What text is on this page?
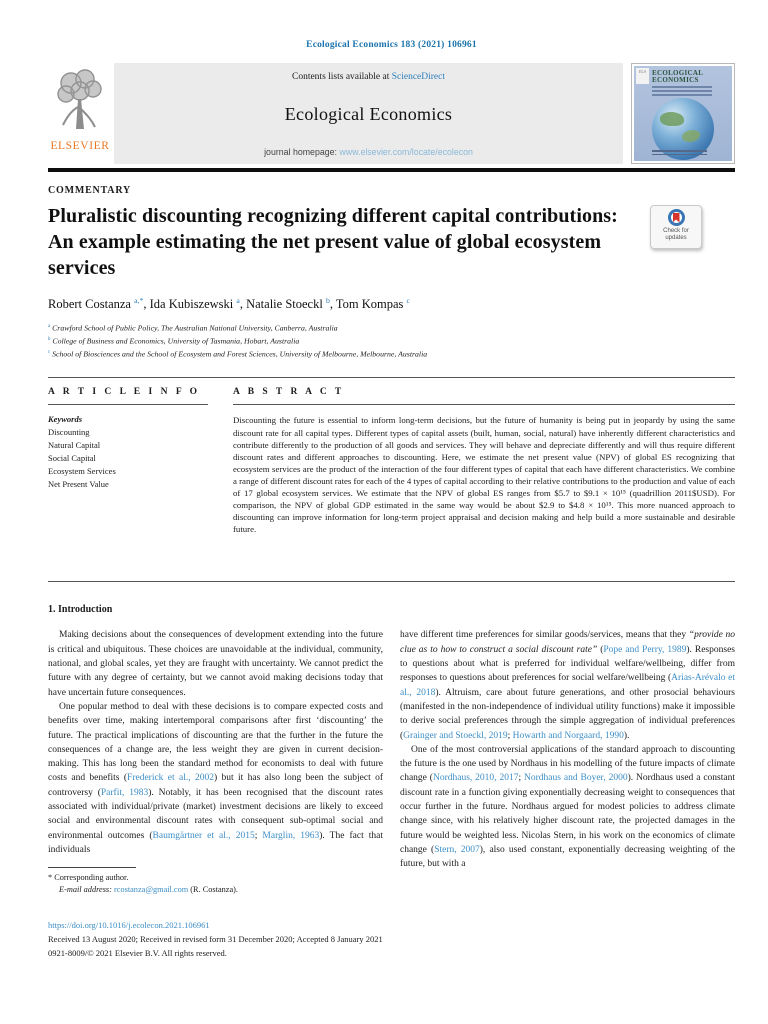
Ecological Economics 183 (2021) 106961
ELSEVIER
Contents lists available at ScienceDirect
Ecological Economics
journal homepage: www.elsevier.com/locate/ecolecon
ELS ECOLOGICAL ECONOMICS
COMMENTARY
Pluralistic discounting recognizing different capital contributions: An example estimating the net present value of global ecosystem services
Check for
updates
Robert Costanza $^{a,*}$, Ida Kubiszewski $^a$, Natalie Stoeckl $^b$, Tom Kompas $^c$
$^a$ Crawford School of Public Policy, The Australian National University, Canberra, Australia
$^b$ College of Business and Economics, University of Tasmania, Hobart, Australia
$^c$ School of Biosciences and the School of Ecosystem and Forest Sciences, University of Melbourne, Melbourne, Australia
A R T I C L E I N F O
Keywords
Discounting
Natural Capital
Social Capital
Ecosystem Services
Net Present Value
A B S T R A C T
Discounting the future is essential to inform long-term decisions, but the future of humanity is being put in jeopardy by using the same discount rate for all capital types. Different types of capital assets (built, human, social, natural) have inherently different characteristics and contribute differently to the production of all goods and services. They will behave and depreciate differently and will thus require different discount rates and different approaches to discounting. Here, we estimate the net present value (NPV) of global ES recognizing that ecosystem services are the product of the interaction of the four different types of capital that each have different characteristics. We combine a range of different discount rates for each of the 4 types of capital according to their relative contributions to the production and value of each of 17 global ecosystem services. We estimate that the NPV of global ES ranges from $5.7 to $9.1 × 10¹⁵ (quadrillion 2011$USD). For comparison, the NPV of global GDP estimated in the same way would be about $2.9 to $4.8 × 10¹⁵. This more nuanced approach to discounting can improve information for long-term project appraisal and decision making and help build a more sustainable and desirable future.
1. Introduction

Making decisions about the consequences of development extending into the future is critical and ubiquitous. These choices are unavoidable at the individual, community, national, and global scales, yet they are fraught with uncertainty. We cannot predict the future with any degree of certainty, but we cannot avoid making decisions today that have uncertain future consequences.

One popular method to deal with these decisions is to compare expected costs and benefits over time, making intertemporal comparisons after first ‘discounting’ the future. The practical implications of discounting are that the further in the future the consequences of a change are, the less weight they are given in current decision-making. This has long been the standard method for economists to deal with future costs and benefits (Frederick et al., 2002) but it has also long been the subject of controversy (Parfit, 1983). Notably, it has been recognised that the discount rates associated with individual/private (market) investment decisions are likely to exceed social and environmental discount rates with consequent sub-optimal social and environmental outcomes (Baumgärtner et al., 2015; Marglin, 1963). The fact that individuals

* Corresponding author.
E-mail address: rcostanza@gmail.com (R. Costanza).

have different time preferences for similar goods/services, means that they “provide no clue as to how to construct a social discount rate” (Pope and Perry, 1989). Responses to questions about what is preferred for individual welfare/wellbeing, differ from responses to questions about preferences for social welfare/wellbeing (Arias-Arévalo et al., 2018). Altruism, care about future generations, and other prosocial behaviours (manifested in the non-independence of individual utility functions) make it impossible to derive social preferences through the simple aggregation of individual preferences (Grainger and Stoeckl, 2019; Howarth and Norgaard, 1990).

One of the most controversial applications of the standard approach to discounting the future is the one used by Nordhaus in his modelling of the future impacts of climate change (Nordhaus, 2010, 2017; Nordhaus and Boyer, 2000). Nordhaus used a constant discount rate in a function giving exponentially decreasing weight to consequences that occur further in the future. Nordhaus argued for modest policies to address climate change since, with his relatively higher discount rate, the projected damages in the future would be weighted less. Nicolas Stern, in his work on the economics of climate change (Stern, 2007), also used constant, exponentially decreasing weighting of the future, but with a

https://doi.org/10.1016/j.ecolecon.2021.106961
Received 13 August 2020; Received in revised form 31 December 2020; Accepted 8 January 2021
0921-8009/© 2021 Elsevier B.V. All rights reserved.
